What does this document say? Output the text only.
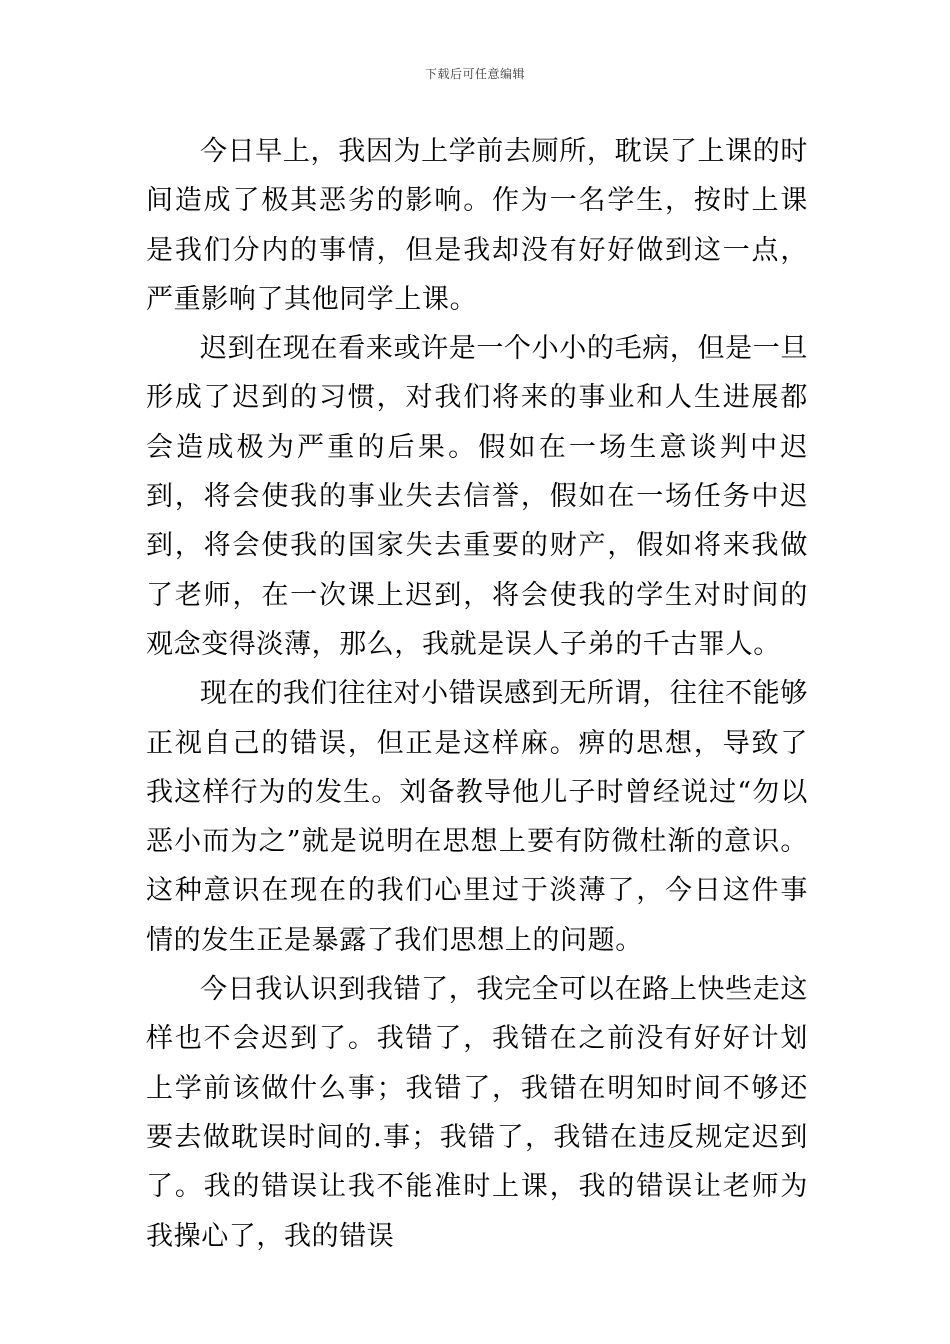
下载后可任意编辑

今日早上，我因为上学前去厕所，耽误了上课的时间造成了极其恶劣的影响。作为一名学生，按时上课是我们分内的事情，但是我却没有好好做到这一点，严重影响了其他同学上课。

迟到在现在看来或许是一个小小的毛病，但是一旦形成了迟到的习惯，对我们将来的事业和人生进展都会造成极为严重的后果。假如在一场生意谈判中迟到，将会使我的事业失去信誉，假如在一场任务中迟到，将会使我的国家失去重要的财产，假如将来我做了老师，在一次课上迟到，将会使我的学生对时间的观念变得淡薄，那么，我就是误人子弟的千古罪人。

现在的我们往往对小错误感到无所谓，往往不能够正视自己的错误，但正是这样麻。痹的思想，导致了我这样行为的发生。刘备教导他儿子时曾经说过“勿以恶小而为之”就是说明在思想上要有防微杜渐的意识。这种意识在现在的我们心里过于淡薄了，今日这件事情的发生正是暴露了我们思想上的问题。

今日我认识到我错了，我完全可以在路上快些走这样也不会迟到了。我错了，我错在之前没有好好计划上学前该做什么事；我错了，我错在明知时间不够还要去做耽误时间的.事；我错了，我错在违反规定迟到了。我的错误让我不能准时上课，我的错误让老师为我操心了，我的错误
